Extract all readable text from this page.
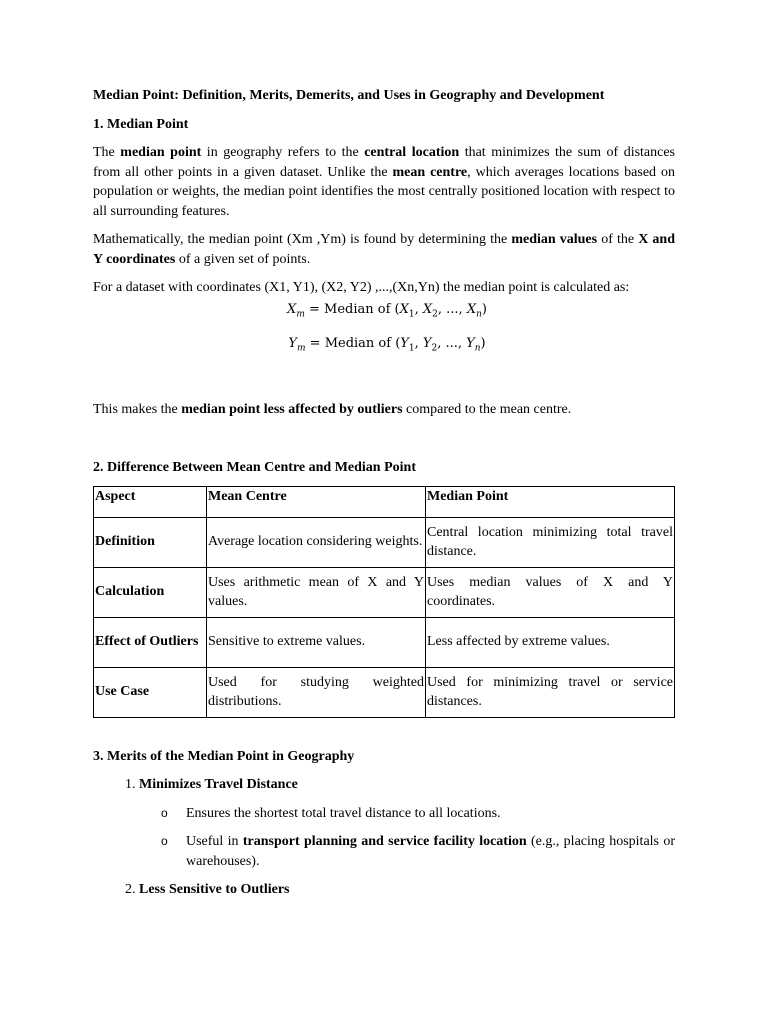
Median Point: Definition, Merits, Demerits, and Uses in Geography and Development

1. Median Point

The median point in geography refers to the central location that minimizes the sum of distances from all other points in a given dataset. Unlike the mean centre, which averages locations based on population or weights, the median point identifies the most centrally positioned location with respect to all surrounding features.

Mathematically, the median point (Xm ,Ym) is found by determining the median values of the X and Y coordinates of a given set of points.

For a dataset with coordinates (X1, Y1), (X2, Y2) ,...,(Xn,Yn) the median point is calculated as:

$X_m$ = Median of ($X_1$, $X_2$, ..., $X_n$)
$Y_m$ = Median of ($Y_1$, $Y_2$, ..., $Y_n$)

This makes the median point less affected by outliers compared to the mean centre.

2. Difference Between Mean Centre and Median Point

Aspect	Mean Centre	Median Point
Definition	Average location considering weights.	Central location minimizing total travel distance.
Calculation	Uses arithmetic mean of X and Y values.	Uses median values of X and Y coordinates.
Effect of Outliers	Sensitive to extreme values.	Less affected by extreme values.
Use Case	Used for studying weighted distributions.	Used for minimizing travel or service distances.

3. Merits of the Median Point in Geography

1. Minimizes Travel Distance
o	Ensures the shortest total travel distance to all locations.
o	Useful in transport planning and service facility location (e.g., placing hospitals or warehouses).
2. Less Sensitive to Outliers
